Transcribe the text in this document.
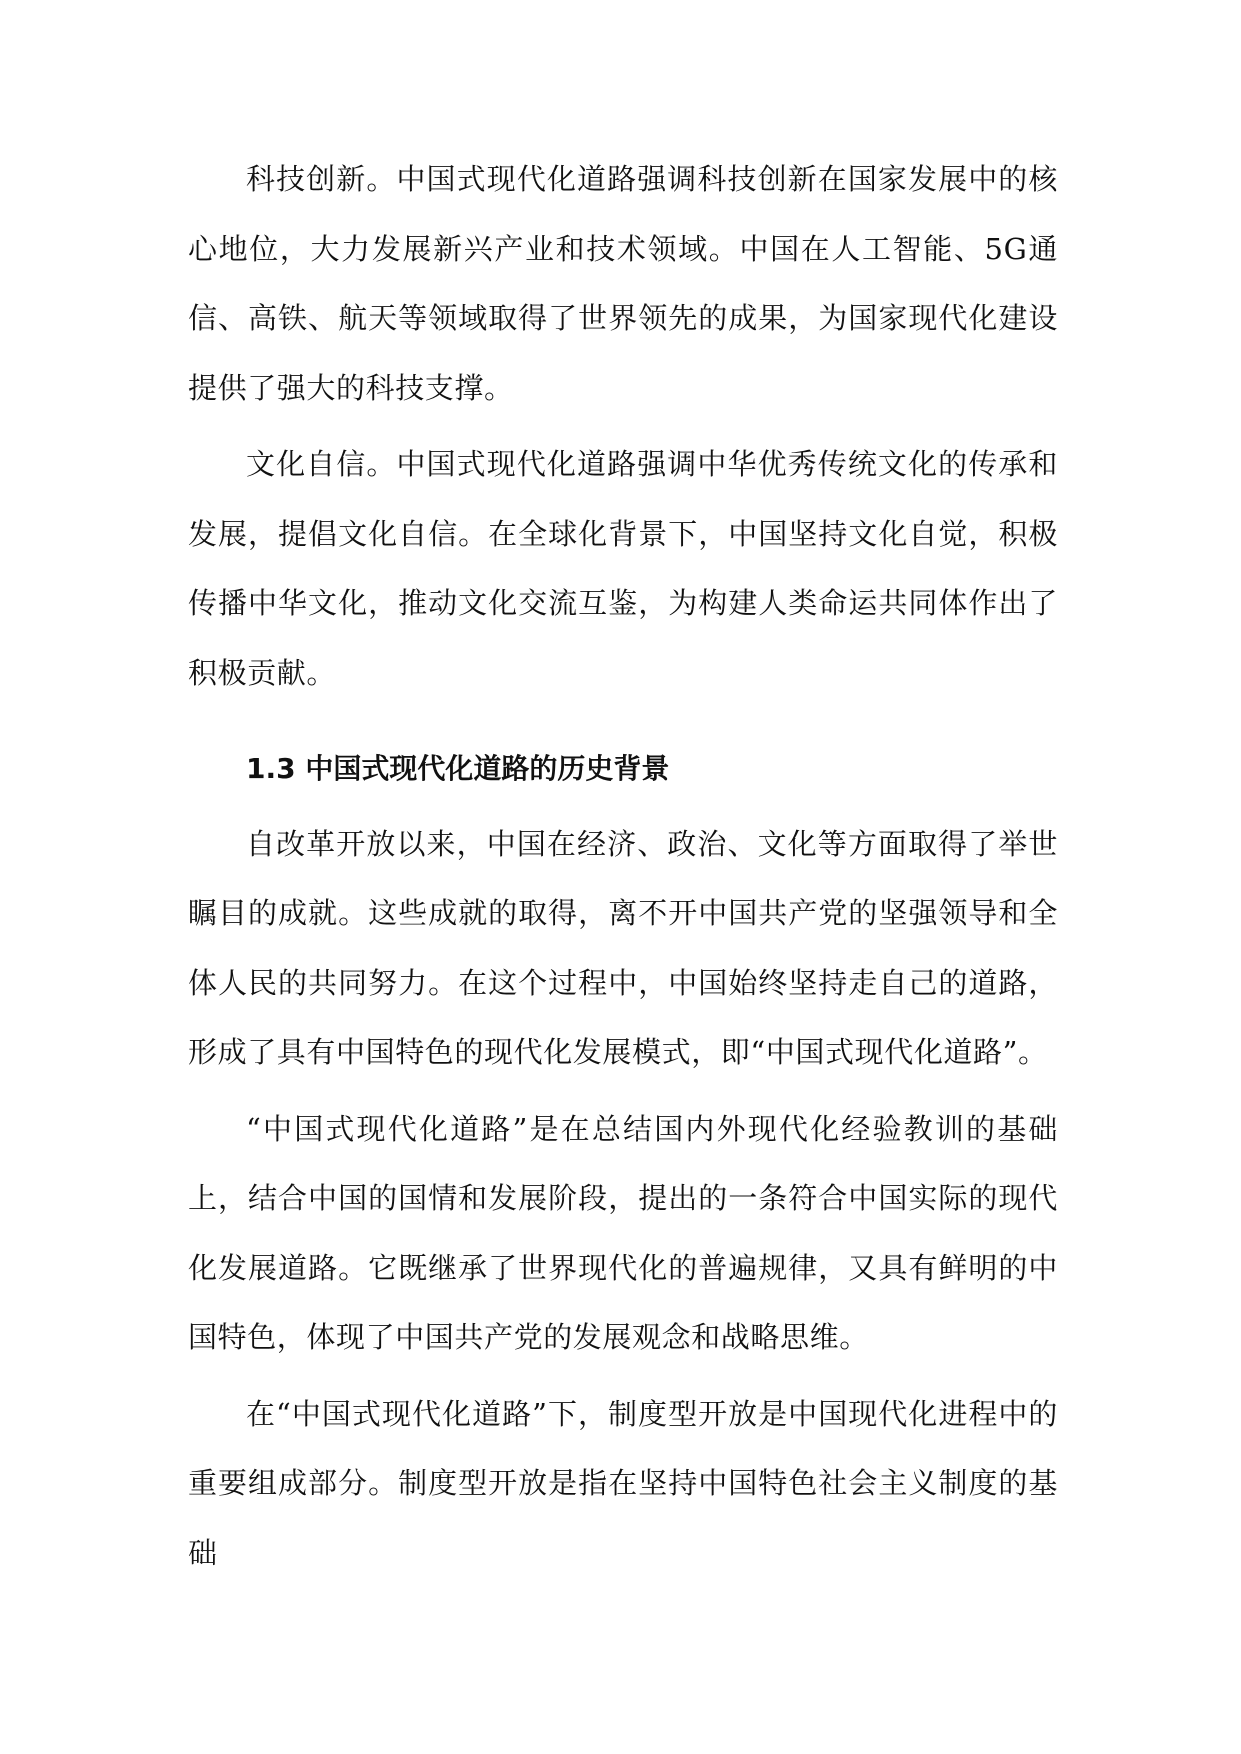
科技创新。中国式现代化道路强调科技创新在国家发展中的核心地位，大力发展新兴产业和技术领域。中国在人工智能、5G通信、高铁、航天等领域取得了世界领先的成果，为国家现代化建设提供了强大的科技支撑。

文化自信。中国式现代化道路强调中华优秀传统文化的传承和发展，提倡文化自信。在全球化背景下，中国坚持文化自觉，积极传播中华文化，推动文化交流互鉴，为构建人类命运共同体作出了积极贡献。

1.3 中国式现代化道路的历史背景

自改革开放以来，中国在经济、政治、文化等方面取得了举世瞩目的成就。这些成就的取得，离不开中国共产党的坚强领导和全体人民的共同努力。在这个过程中，中国始终坚持走自己的道路，形成了具有中国特色的现代化发展模式，即“中国式现代化道路”。

“中国式现代化道路”是在总结国内外现代化经验教训的基础上，结合中国的国情和发展阶段，提出的一条符合中国实际的现代化发展道路。它既继承了世界现代化的普遍规律，又具有鲜明的中国特色，体现了中国共产党的发展观念和战略思维。

在“中国式现代化道路”下，制度型开放是中国现代化进程中的重要组成部分。制度型开放是指在坚持中国特色社会主义制度的基础
